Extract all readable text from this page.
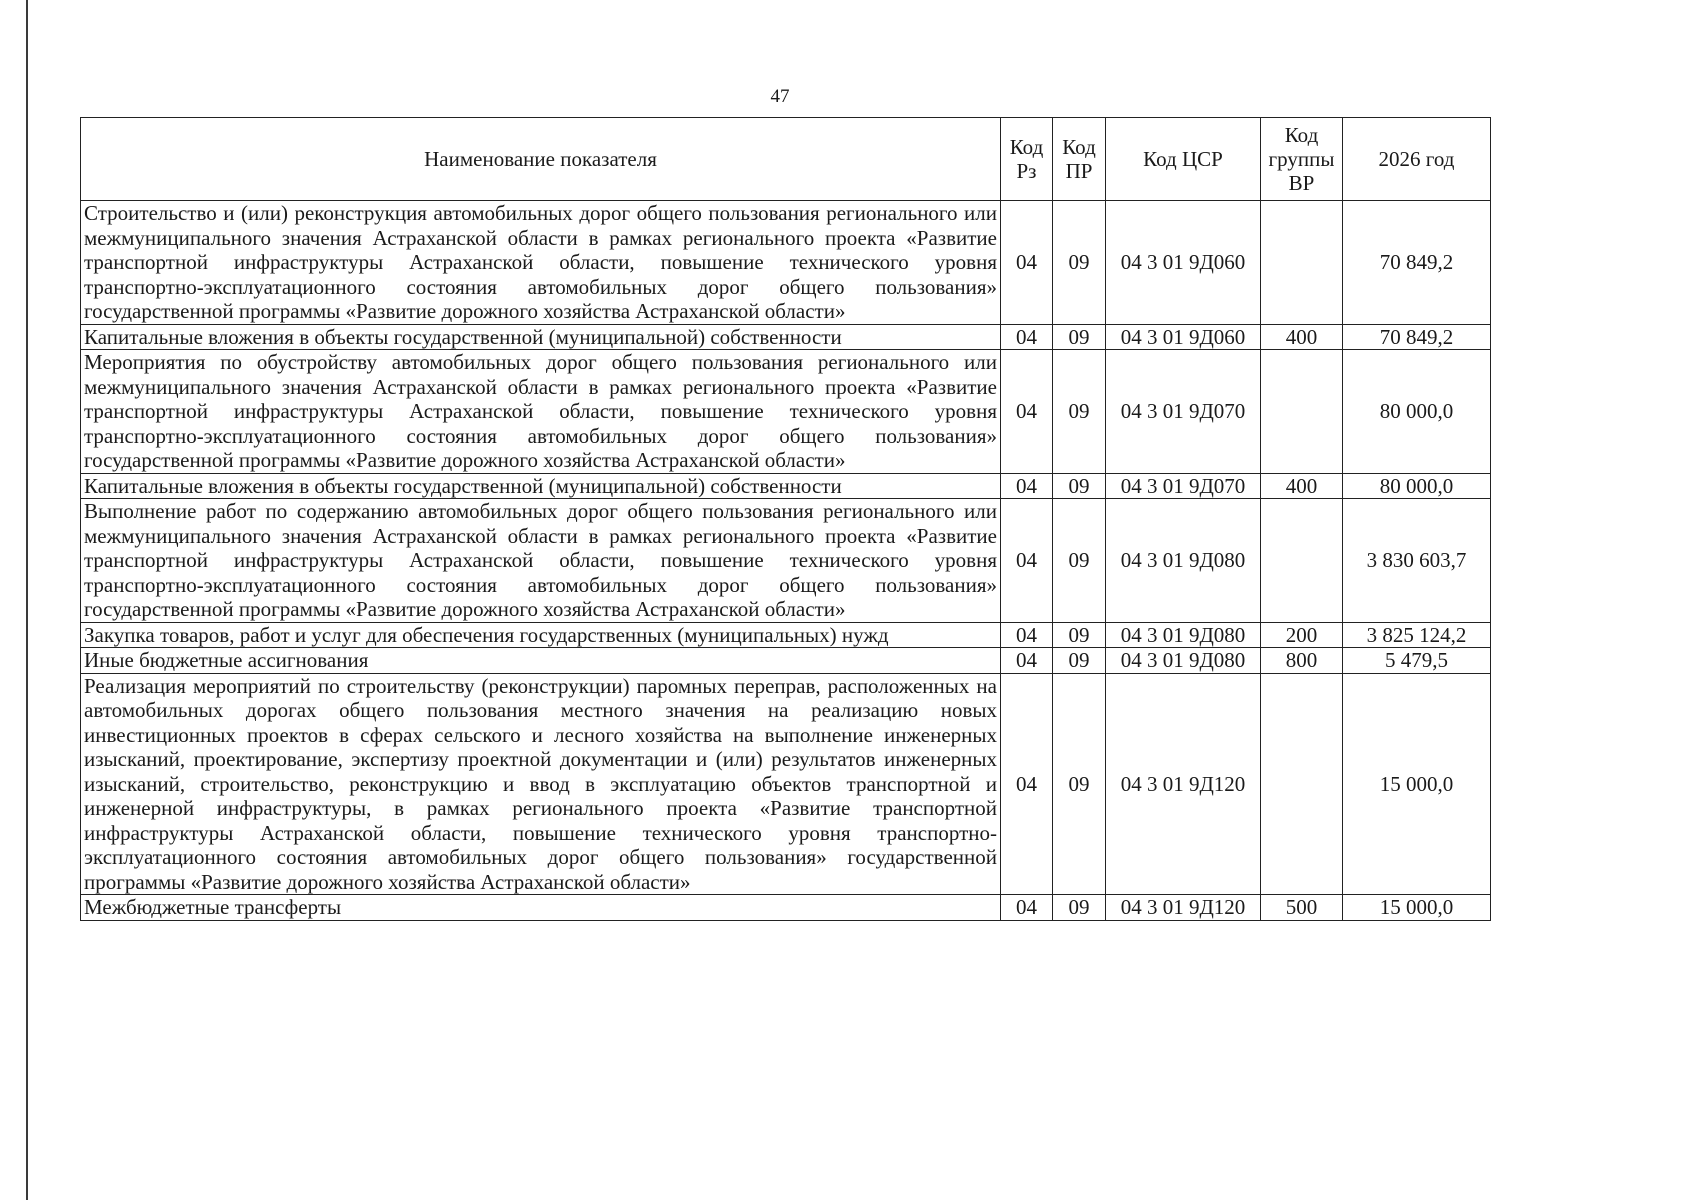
47
Наименование показателя	Код Рз	Код ПР	Код ЦСР	Код группы ВР	2026 год
Строительство и (или) реконструкция автомобильных дорог общего пользования регионального или межмуниципального значения Астраханской области в рамках регионального проекта «Развитие транспортной инфраструктуры Астраханской области, повышение технического уровня транспортно-эксплуатационного состояния автомобильных дорог общего пользования» государственной программы «Развитие дорожного хозяйства Астраханской области»	04	09	04 3 01 9Д060		70 849,2
Капитальные вложения в объекты государственной (муниципальной) собственности	04	09	04 3 01 9Д060	400	70 849,2
Мероприятия по обустройству автомобильных дорог общего пользования регионального или межмуниципального значения Астраханской области в рамках регионального проекта «Развитие транспортной инфраструктуры Астраханской области, повышение технического уровня транспортно-эксплуатационного состояния автомобильных дорог общего пользования» государственной программы «Развитие дорожного хозяйства Астраханской области»	04	09	04 3 01 9Д070		80 000,0
Капитальные вложения в объекты государственной (муниципальной) собственности	04	09	04 3 01 9Д070	400	80 000,0
Выполнение работ по содержанию автомобильных дорог общего пользования регионального или межмуниципального значения Астраханской области в рамках регионального проекта «Развитие транспортной инфраструктуры Астраханской области, повышение технического уровня транспортно-эксплуатационного состояния автомобильных дорог общего пользования» государственной программы «Развитие дорожного хозяйства Астраханской области»	04	09	04 3 01 9Д080		3 830 603,7
Закупка товаров, работ и услуг для обеспечения государственных (муниципальных) нужд	04	09	04 3 01 9Д080	200	3 825 124,2
Иные бюджетные ассигнования	04	09	04 3 01 9Д080	800	5 479,5
Реализация мероприятий по строительству (реконструкции) паромных переправ, расположенных на автомобильных дорогах общего пользования местного значения на реализацию новых инвестиционных проектов в сферах сельского и лесного хозяйства на выполнение инженерных изысканий, проектирование, экспертизу проектной документации и (или) результатов инженерных изысканий, строительство, реконструкцию и ввод в эксплуатацию объектов транспортной и инженерной инфраструктуры, в рамках регионального проекта «Развитие транспортной инфраструктуры Астраханской области, повышение технического уровня транспортно-эксплуатационного состояния автомобильных дорог общего пользования» государственной программы «Развитие дорожного хозяйства Астраханской области»	04	09	04 3 01 9Д120		15 000,0
Межбюджетные трансферты	04	09	04 3 01 9Д120	500	15 000,0
